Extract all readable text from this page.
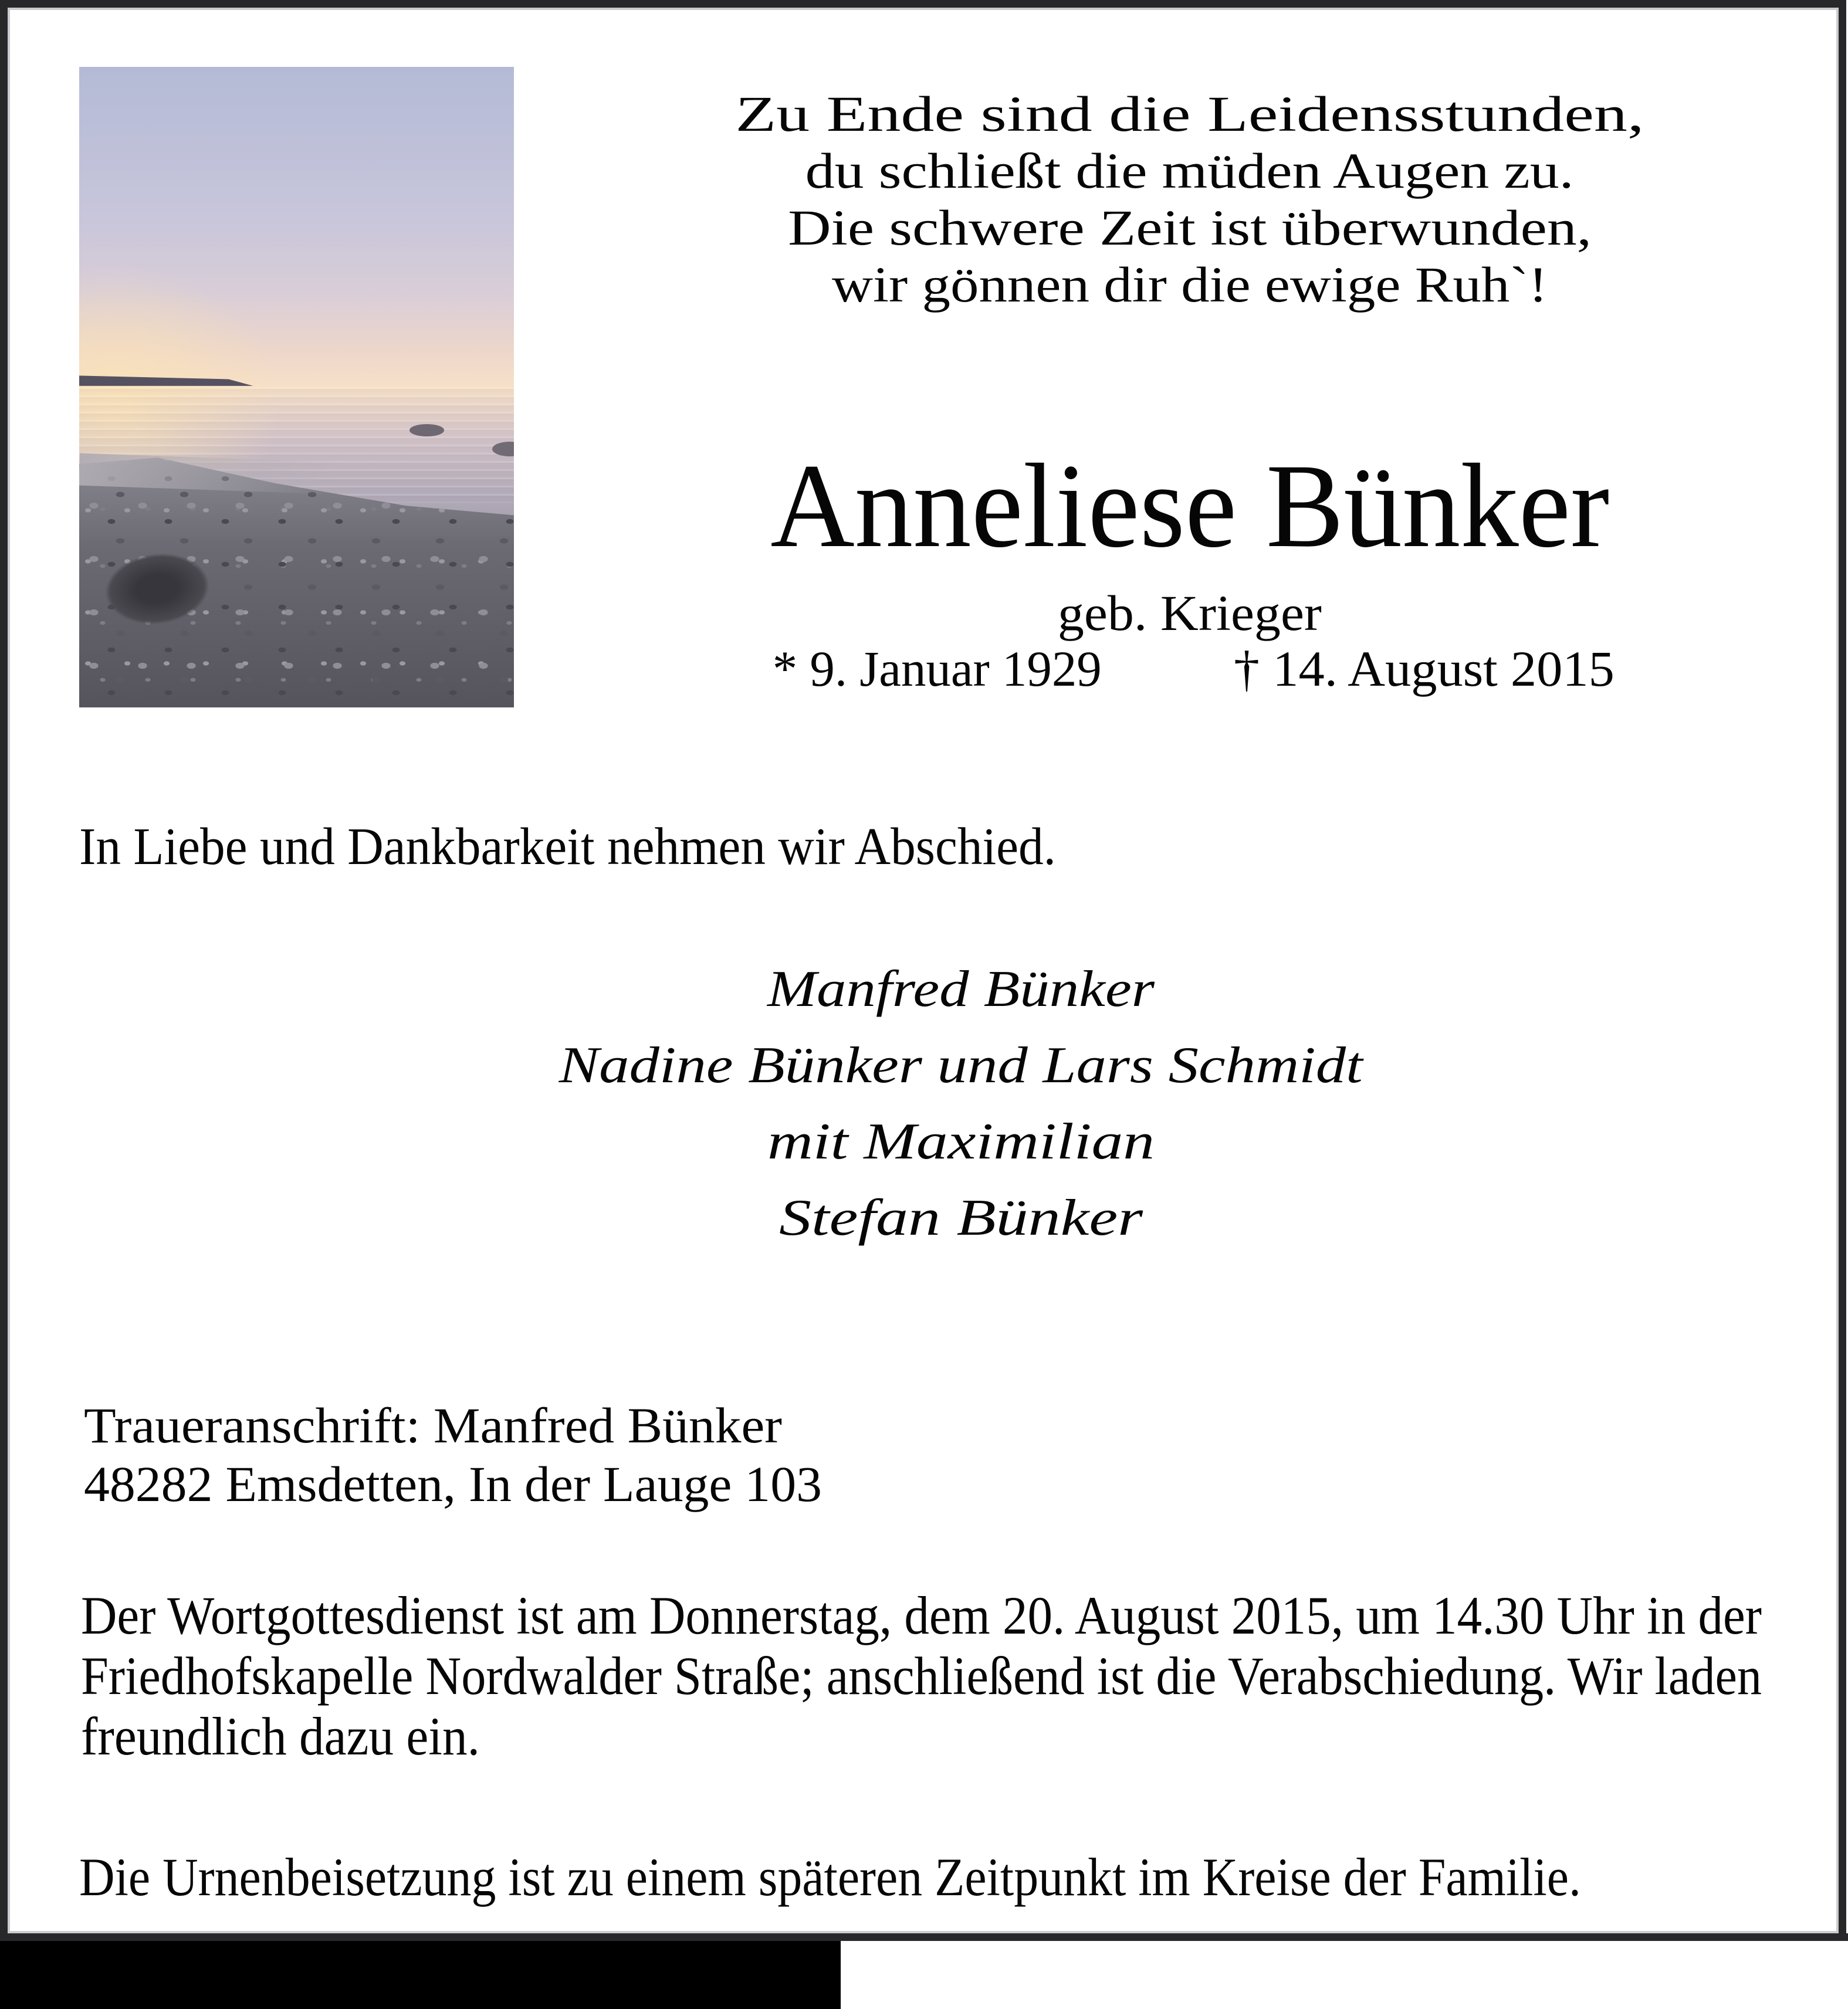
Zu Ende sind die Leidensstunden,
du schließt die müden Augen zu.
Die schwere Zeit ist überwunden,
wir gönnen dir die ewige Ruh`!
Anneliese Bünker
geb. Krieger
* 9. Januar 1929	† 14. August 2015
In Liebe und Dankbarkeit nehmen wir Abschied.
Manfred Bünker
Nadine Bünker und Lars Schmidt
mit Maximilian
Stefan Bünker
Traueranschrift: Manfred Bünker
48282 Emsdetten, In der Lauge 103
Der Wortgottesdienst ist am Donnerstag, dem 20. August 2015, um 14.30 Uhr in der
Friedhofskapelle Nordwalder Straße; anschließend ist die Verabschiedung. Wir laden
freundlich dazu ein.
Die Urnenbeisetzung ist zu einem späteren Zeitpunkt im Kreise der Familie.
